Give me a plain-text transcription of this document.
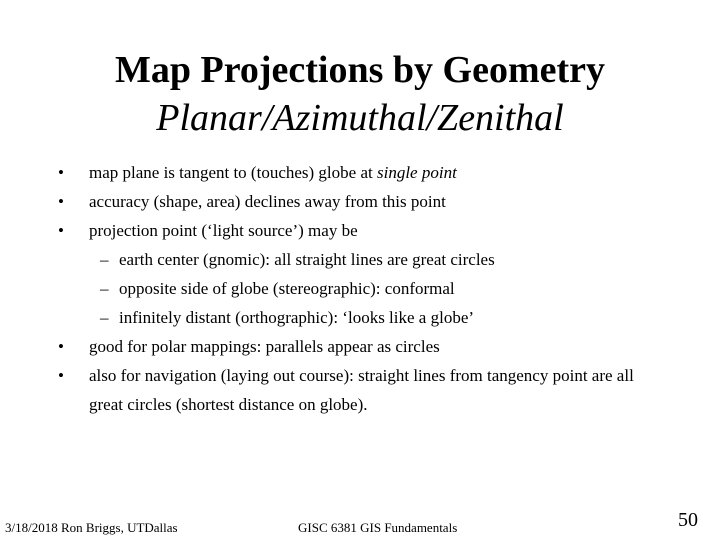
Map Projections by Geometry
Planar/Azimuthal/Zenithal
• map plane is tangent to (touches) globe at single point
• accuracy (shape, area) declines away from this point
• projection point (‘light source’) may be
– earth center (gnomic): all straight lines are great circles
– opposite side of globe (stereographic): conformal
– infinitely distant (orthographic): ‘looks like a globe’
• good for polar mappings: parallels appear as circles
• also for navigation (laying out course): straight lines from tangency point are all great circles (shortest distance on globe).
3/18/2018 Ron Briggs, UTDallas	GISC 6381 GIS Fundamentals	50
